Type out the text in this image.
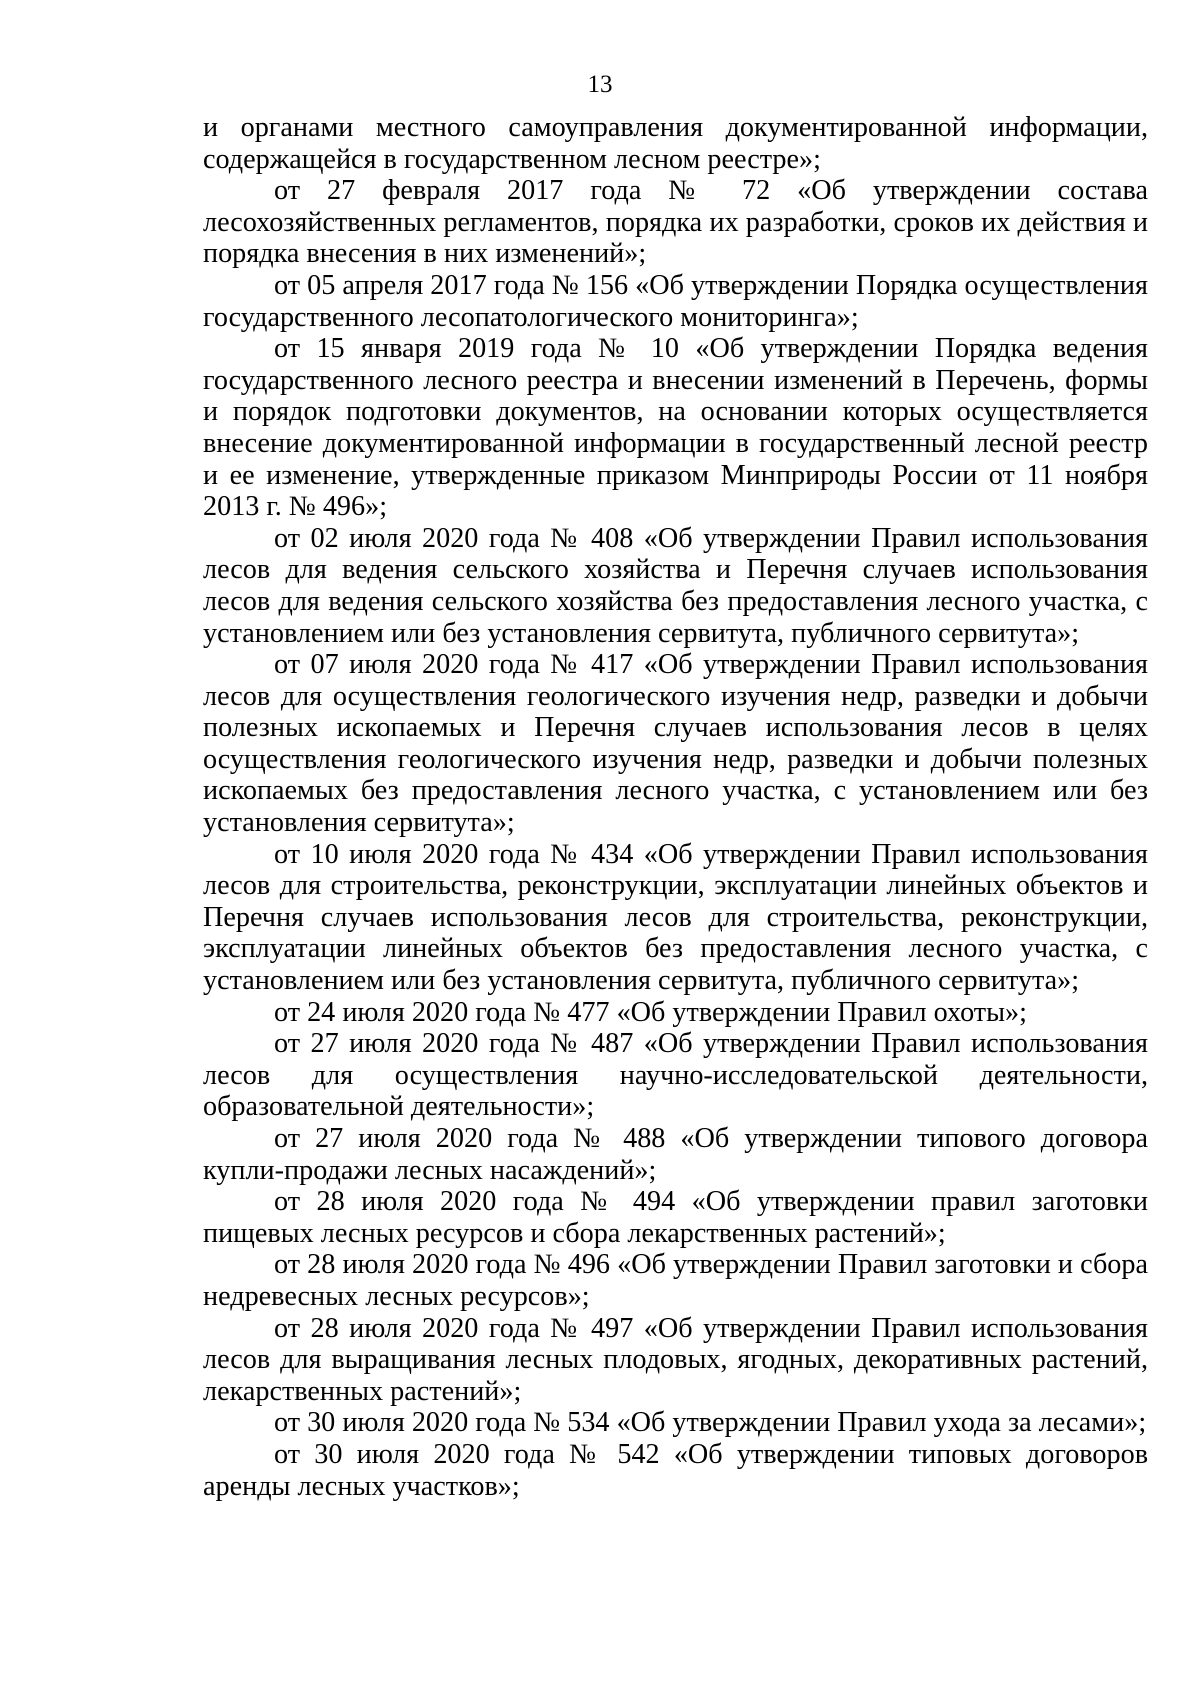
13

и органами местного самоуправления документированной информации, содержащейся в государственном лесном реестре»;

от 27 февраля 2017 года № 72 «Об утверждении состава лесохозяйственных регламентов, порядка их разработки, сроков их действия и порядка внесения в них изменений»;

от 05 апреля 2017 года № 156 «Об утверждении Порядка осуществления государственного лесопатологического мониторинга»;

от 15 января 2019 года № 10 «Об утверждении Порядка ведения государственного лесного реестра и внесении изменений в Перечень, формы и порядок подготовки документов, на основании которых осуществляется внесение документированной информации в государственный лесной реестр и ее изменение, утвержденные приказом Минприроды России от 11 ноября 2013 г. № 496»;

от 02 июля 2020 года № 408 «Об утверждении Правил использования лесов для ведения сельского хозяйства и Перечня случаев использования лесов для ведения сельского хозяйства без предоставления лесного участка, с установлением или без установления сервитута, публичного сервитута»;

от 07 июля 2020 года № 417 «Об утверждении Правил использования лесов для осуществления геологического изучения недр, разведки и добычи полезных ископаемых и Перечня случаев использования лесов в целях осуществления геологического изучения недр, разведки и добычи полезных ископаемых без предоставления лесного участка, с установлением или без установления сервитута»;

от 10 июля 2020 года № 434 «Об утверждении Правил использования лесов для строительства, реконструкции, эксплуатации линейных объектов и Перечня случаев использования лесов для строительства, реконструкции, эксплуатации линейных объектов без предоставления лесного участка, с установлением или без установления сервитута, публичного сервитута»;

от 24 июля 2020 года № 477 «Об утверждении Правил охоты»;

от 27 июля 2020 года № 487 «Об утверждении Правил использования лесов для осуществления научно-исследовательской деятельности, образовательной деятельности»;

от 27 июля 2020 года № 488 «Об утверждении типового договора купли-продажи лесных насаждений»;

от 28 июля 2020 года № 494 «Об утверждении правил заготовки пищевых лесных ресурсов и сбора лекарственных растений»;

от 28 июля 2020 года № 496 «Об утверждении Правил заготовки и сбора недревесных лесных ресурсов»;

от 28 июля 2020 года № 497 «Об утверждении Правил использования лесов для выращивания лесных плодовых, ягодных, декоративных растений, лекарственных растений»;

от 30 июля 2020 года № 534 «Об утверждении Правил ухода за лесами»;

от 30 июля 2020 года № 542 «Об утверждении типовых договоров аренды лесных участков»;
